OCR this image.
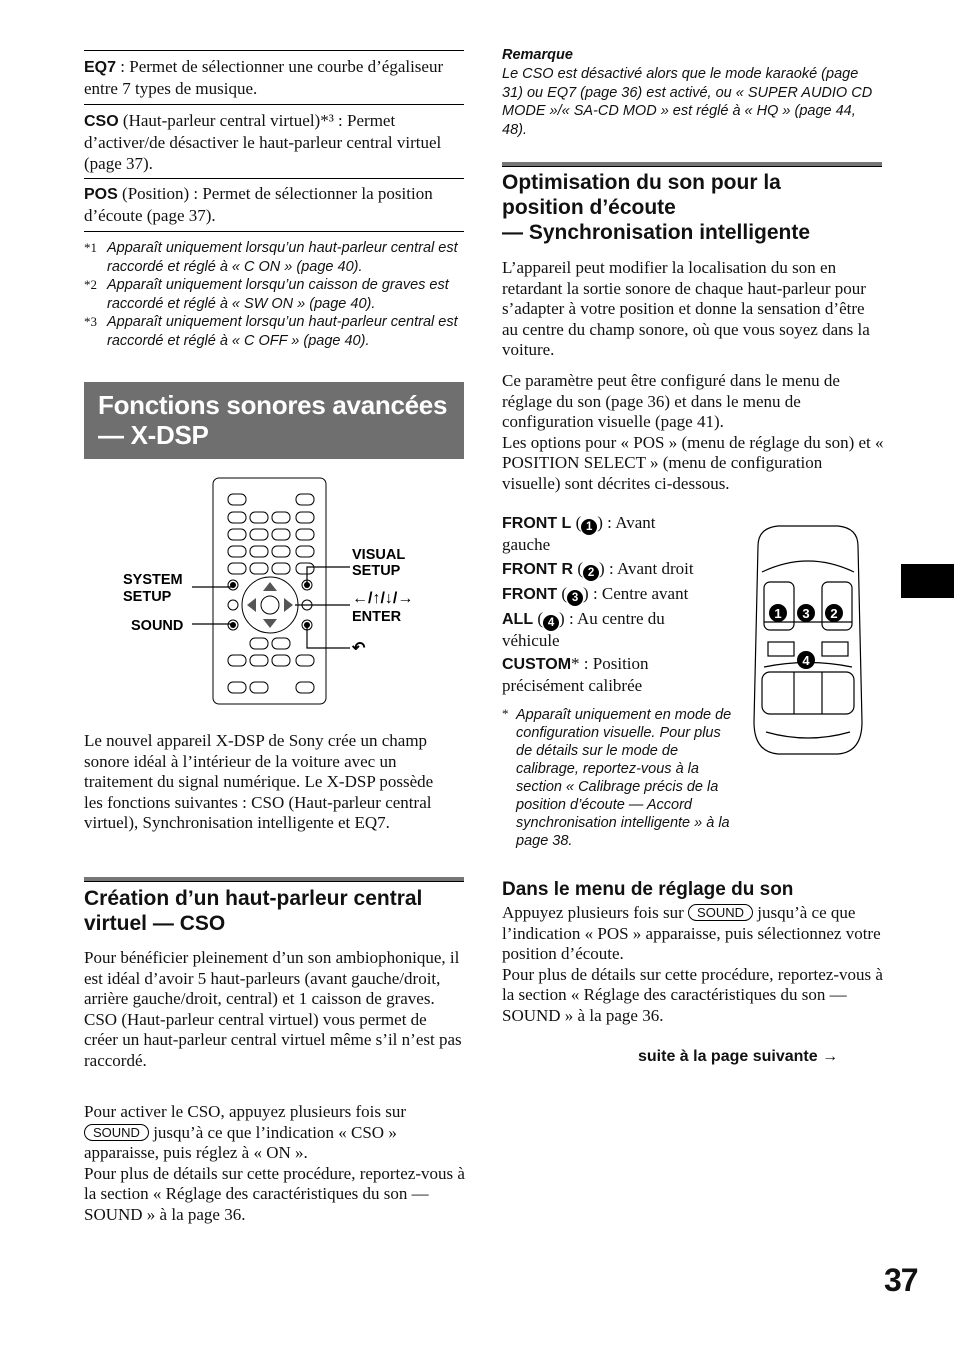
EQ7 : Permet de sélectionner une courbe d’égaliseur entre 7 types de musique.
CSO (Haut-parleur central virtuel)*³ : Permet d’activer/de désactiver le haut-parleur central virtuel (page 37).
POS (Position) : Permet de sélectionner la position d’écoute (page 37).
*1 Apparaît uniquement lorsqu’un haut-parleur central est raccordé et réglé à « C ON » (page 40).
*2 Apparaît uniquement lorsqu’un caisson de graves est raccordé et réglé à « SW ON » (page 40).
*3 Apparaît uniquement lorsqu’un haut-parleur central est raccordé et réglé à « C OFF » (page 40).
Fonctions sonores avancées
— X-DSP
SYSTEM
SETUP
SOUND
VISUAL
SETUP
←/↑/↓/→
ENTER
↶
Le nouvel appareil X-DSP de Sony crée un champ sonore idéal à l’intérieur de la voiture avec un traitement du signal numérique. Le X-DSP possède les fonctions suivantes : CSO (Haut-parleur central virtuel), Synchronisation intelligente et EQ7.
Création d’un haut-parleur central virtuel — CSO
Pour bénéficier pleinement d’un son ambiophonique, il est idéal d’avoir 5 haut-parleurs (avant gauche/droit, arrière gauche/droit, central) et 1 caisson de graves. CSO (Haut-parleur central virtuel) vous permet de créer un haut-parleur central virtuel même s’il n’est pas raccordé.
Pour activer le CSO, appuyez plusieurs fois sur SOUND jusqu’à ce que l’indication « CSO » apparaisse, puis réglez à « ON ».
Pour plus de détails sur cette procédure, reportez-vous à la section « Réglage des caractéristiques du son — SOUND » à la page 36.
Remarque
Le CSO est désactivé alors que le mode karaoké (page 31) ou EQ7 (page 36) est activé, ou « SUPER AUDIO CD MODE »/« SA-CD MOD » est réglé à « HQ » (page 44, 48).
Optimisation du son pour la
position d’écoute
— Synchronisation intelligente
L’appareil peut modifier la localisation du son en retardant la sortie sonore de chaque haut-parleur pour s’adapter à votre position et donne la sensation d’être au centre du champ sonore, où que vous soyez dans la voiture.
Ce paramètre peut être configuré dans le menu de réglage du son (page 36) et dans le menu de configuration visuelle (page 41).
Les options pour « POS » (menu de réglage du son) et « POSITION SELECT » (menu de configuration visuelle) sont décrites ci-dessous.
FRONT L ( 1 ) : Avant gauche
FRONT R ( 2 ) : Avant droit
FRONT ( 3 ) : Centre avant
ALL ( 4 ) : Au centre du véhicule
CUSTOM* : Position précisément calibrée
* Apparaît uniquement en mode de configuration visuelle. Pour plus de détails sur le mode de calibrage, reportez-vous à la section « Calibrage précis de la position d’écoute — Accord synchronisation intelligente » à la page 38.
1 3 2
4
Dans le menu de réglage du son
Appuyez plusieurs fois sur SOUND jusqu’à ce que l’indication « POS » apparaisse, puis sélectionnez votre position d’écoute.
Pour plus de détails sur cette procédure, reportez-vous à la section « Réglage des caractéristiques du son — SOUND » à la page 36.
suite à la page suivante →
37
